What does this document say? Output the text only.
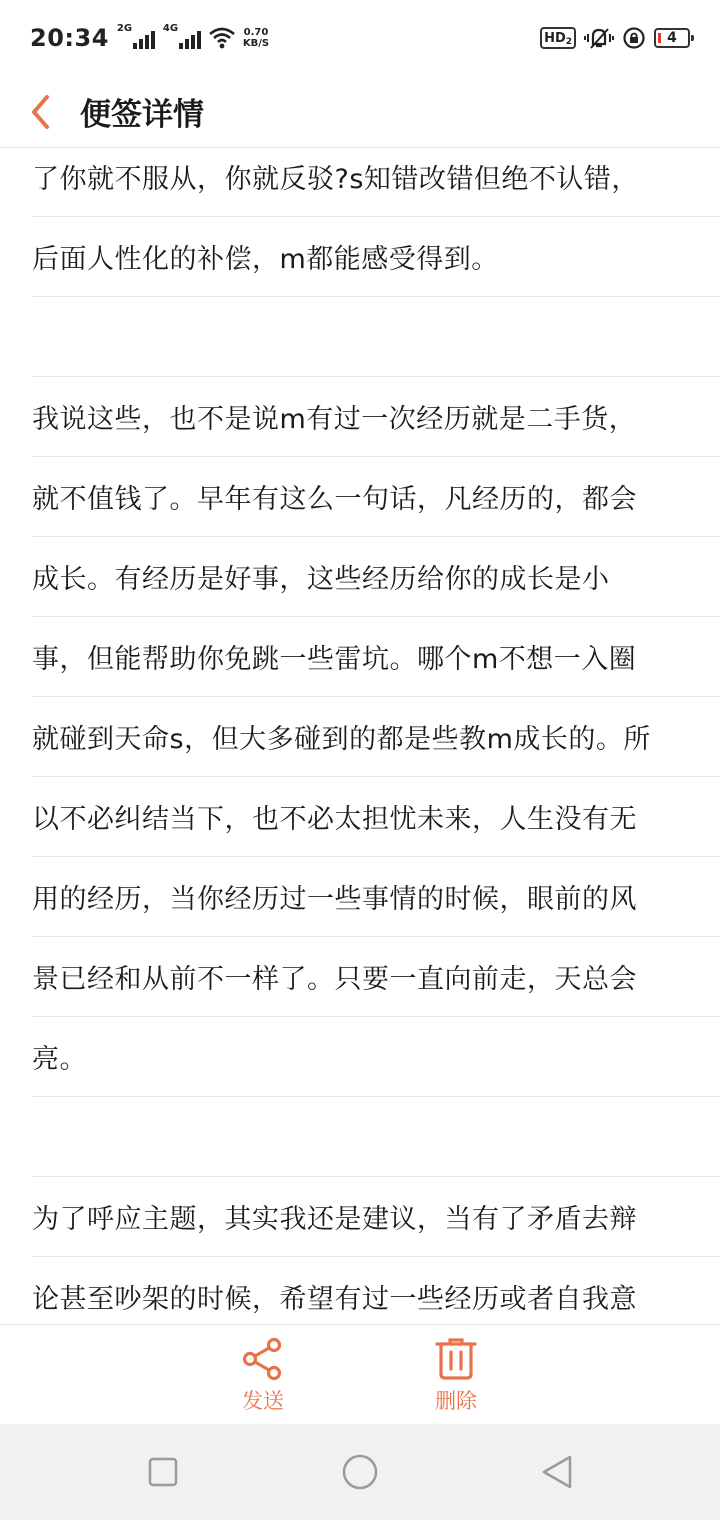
20:34 2G	4G	0.70
KB/S	HD 2	4
便签详情
了你就不服从，你就反驳?s知错改错但绝不认错，
后面人性化的补偿，m都能感受得到。
我说这些，也不是说m有过一次经历就是二手货，
就不值钱了。早年有这么一句话，凡经历的，都会
成长。有经历是好事，这些经历给你的成长是小
事，但能帮助你免跳一些雷坑。哪个m不想一入圈
就碰到天命s，但大多碰到的都是些教m成长的。所
以不必纠结当下，也不必太担忧未来，人生没有无
用的经历，当你经历过一些事情的时候，眼前的风
景已经和从前不一样了。只要一直向前走，天总会
亮。
为了呼应主题，其实我还是建议，当有了矛盾去辩
论甚至吵架的时候，希望有过一些经历或者自我意
发送	删除
